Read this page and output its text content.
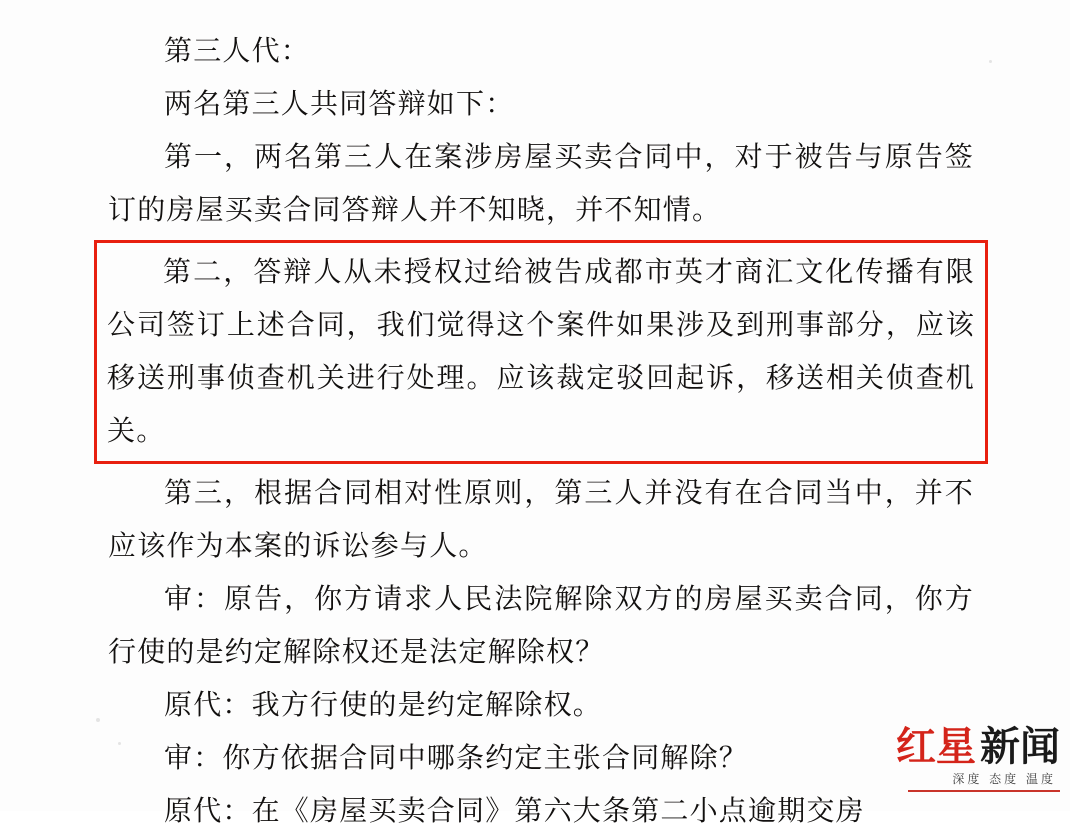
第三人代：

两名第三人共同答辩如下：

第一，两名第三人在案涉房屋买卖合同中，对于被告与原告签订的房屋买卖合同答辩人并不知晓，并不知情。

第二，答辩人从未授权过给被告成都市英才商汇文化传播有限公司签订上述合同，我们觉得这个案件如果涉及到刑事部分，应该移送刑事侦查机关进行处理。应该裁定驳回起诉，移送相关侦查机关。

第三，根据合同相对性原则，第三人并没有在合同当中，并不应该作为本案的诉讼参与人。

审：原告，你方请求人民法院解除双方的房屋买卖合同，你方行使的是约定解除权还是法定解除权？

原代：我方行使的是约定解除权。

审：你方依据合同中哪条约定主张合同解除？

原代：在《房屋买卖合同》第六大条第二小点逾期交房

红星 新闻
深度 态度 温度
